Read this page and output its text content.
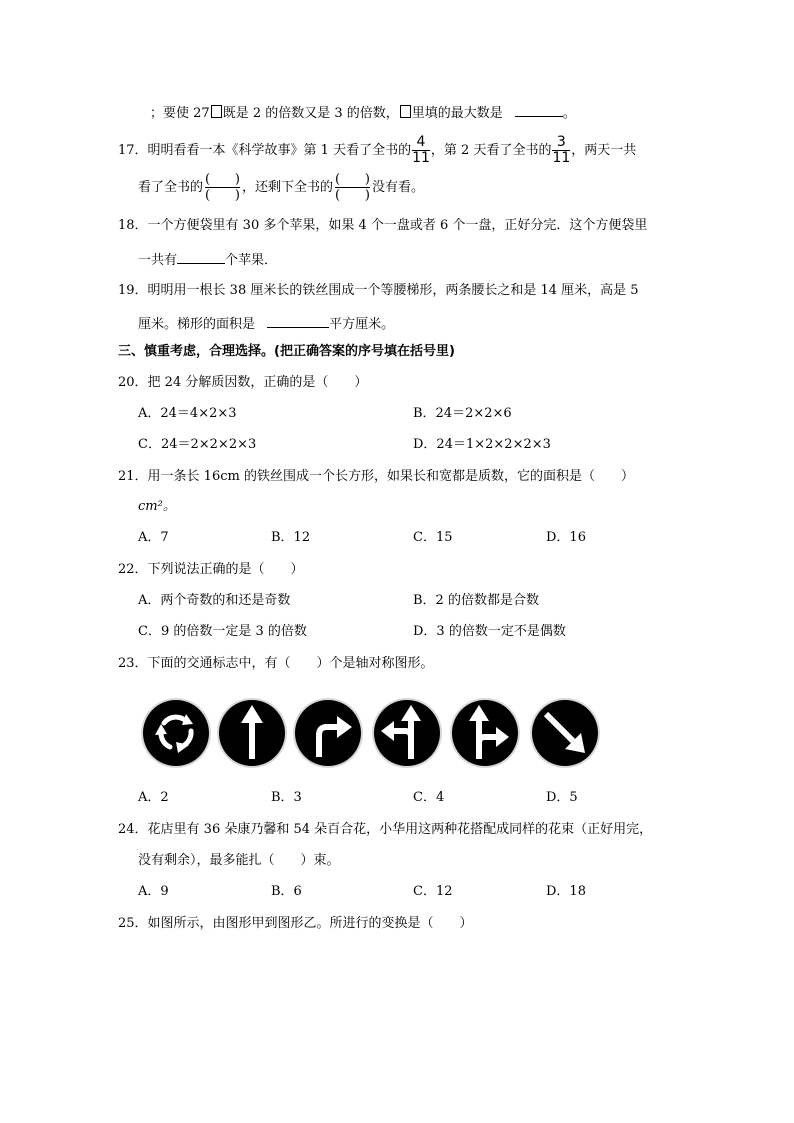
；要使 27 既是 2 的倍数又是 3 的倍数， 里填的最大数是	。
17．明明看看一本《科学故事》第 1 天看了全书的 $\frac{4}{11}$ ，第 2 天看了全书的 $\frac{3}{11}$ ，两天一共
看了全书的
( )
( )
，还剩下全书的
( )
( )
没有看。
18．一个方便袋里有 30 多个苹果，如果 4 个一盘或者 6 个一盘，正好分完．这个方便袋里
一共有	个苹果．
19．明明用一根长 38 厘米长的铁丝围成一个等腰梯形，两条腰长之和是 14 厘米，高是 5
厘米。梯形的面积是	平方厘米。
三、慎重考虑，合理选择。(把正确答案的序号填在括号里)
20．把 24 分解质因数，正确的是（　　）
A．24＝4×2×3	B．24＝2×2×6
C．24＝2×2×2×3	D．24＝1×2×2×2×3
21．用一条长 16cm 的铁丝围成一个长方形，如果长和宽都是质数，它的面积是（　　）
cm²。
A．7	B．12	C．15	D．16
22．下列说法正确的是（　　）
A．两个奇数的和还是奇数	B．2 的倍数都是合数
C．9 的倍数一定是 3 的倍数	D．3 的倍数一定不是偶数
23．下面的交通标志中，有（　　）个是轴对称图形。
A．2	B．3	C．4	D．5
24．花店里有 36 朵康乃馨和 54 朵百合花，小华用这两种花搭配成同样的花束（正好用完，
没有剩余），最多能扎（　　）束。
A．9	B．6	C．12	D．18
25．如图所示，由图形甲到图形乙。所进行的变换是（　　）
